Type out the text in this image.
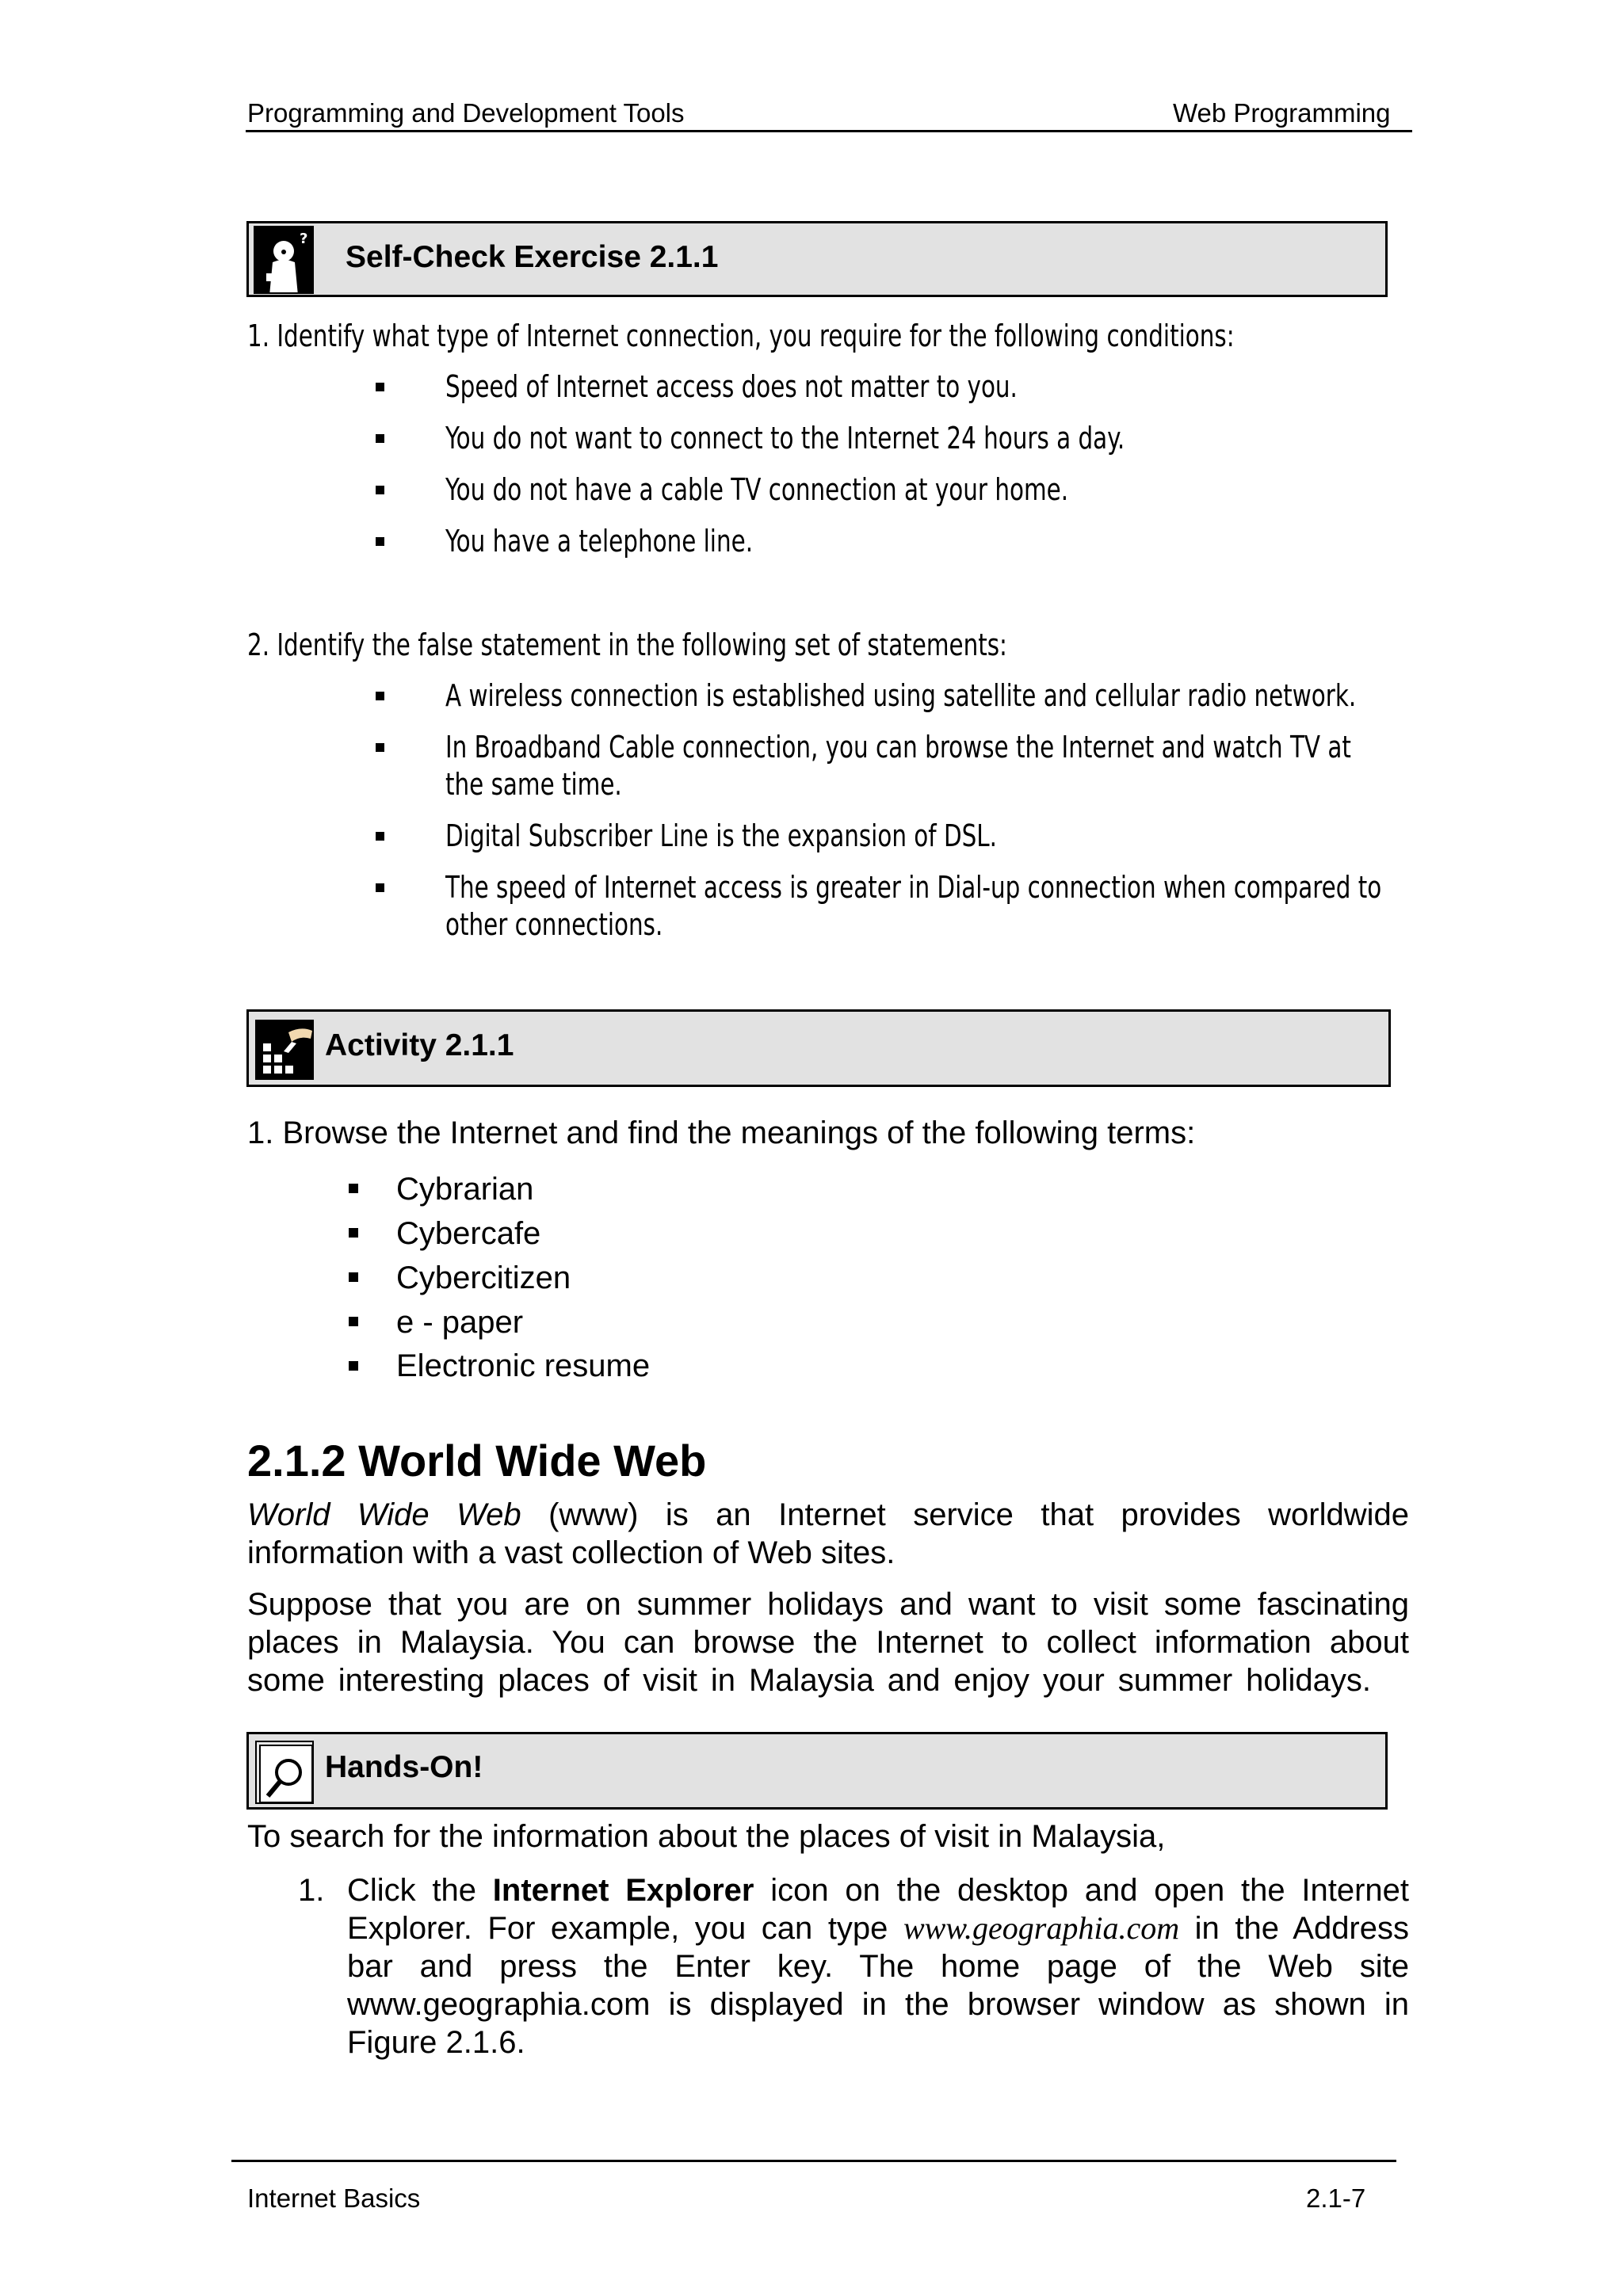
Programming and Development Tools	Web Programming
?
Self-Check Exercise 2.1.1
1. Identify what type of Internet connection, you require for the following conditions:
Speed of Internet access does not matter to you.
You do not want to connect to the Internet 24 hours a day.
You do not have a cable TV connection at your home.
You have a telephone line.
2. Identify the false statement in the following set of statements:
A wireless connection is established using satellite and cellular radio network.
In Broadband Cable connection, you can browse the Internet and watch TV at
the same time.
Digital Subscriber Line is the expansion of DSL.
The speed of Internet access is greater in Dial-up connection when compared to
other connections.
Activity 2.1.1
1. Browse the Internet and find the meanings of the following terms:
Cybrarian
Cybercafe
Cybercitizen
e - paper
Electronic resume
2.1.2 World Wide Web
World Wide Web (www) is an Internet service that provides worldwide
information with a vast collection of Web sites.
Suppose that you are on summer holidays and want to visit some fascinating
places in Malaysia. You can browse the Internet to collect information about
some interesting places of visit in Malaysia and enjoy your summer holidays.
Hands-On!
To search for the information about the places of visit in Malaysia,
1. Click the Internet Explorer icon on the desktop and open the Internet
Explorer. For example, you can type www.geographia.com in the Address
bar and press the Enter key. The home page of the Web site
www.geographia.com is displayed in the browser window as shown in
Figure 2.1.6.
Internet Basics	2.1-7
